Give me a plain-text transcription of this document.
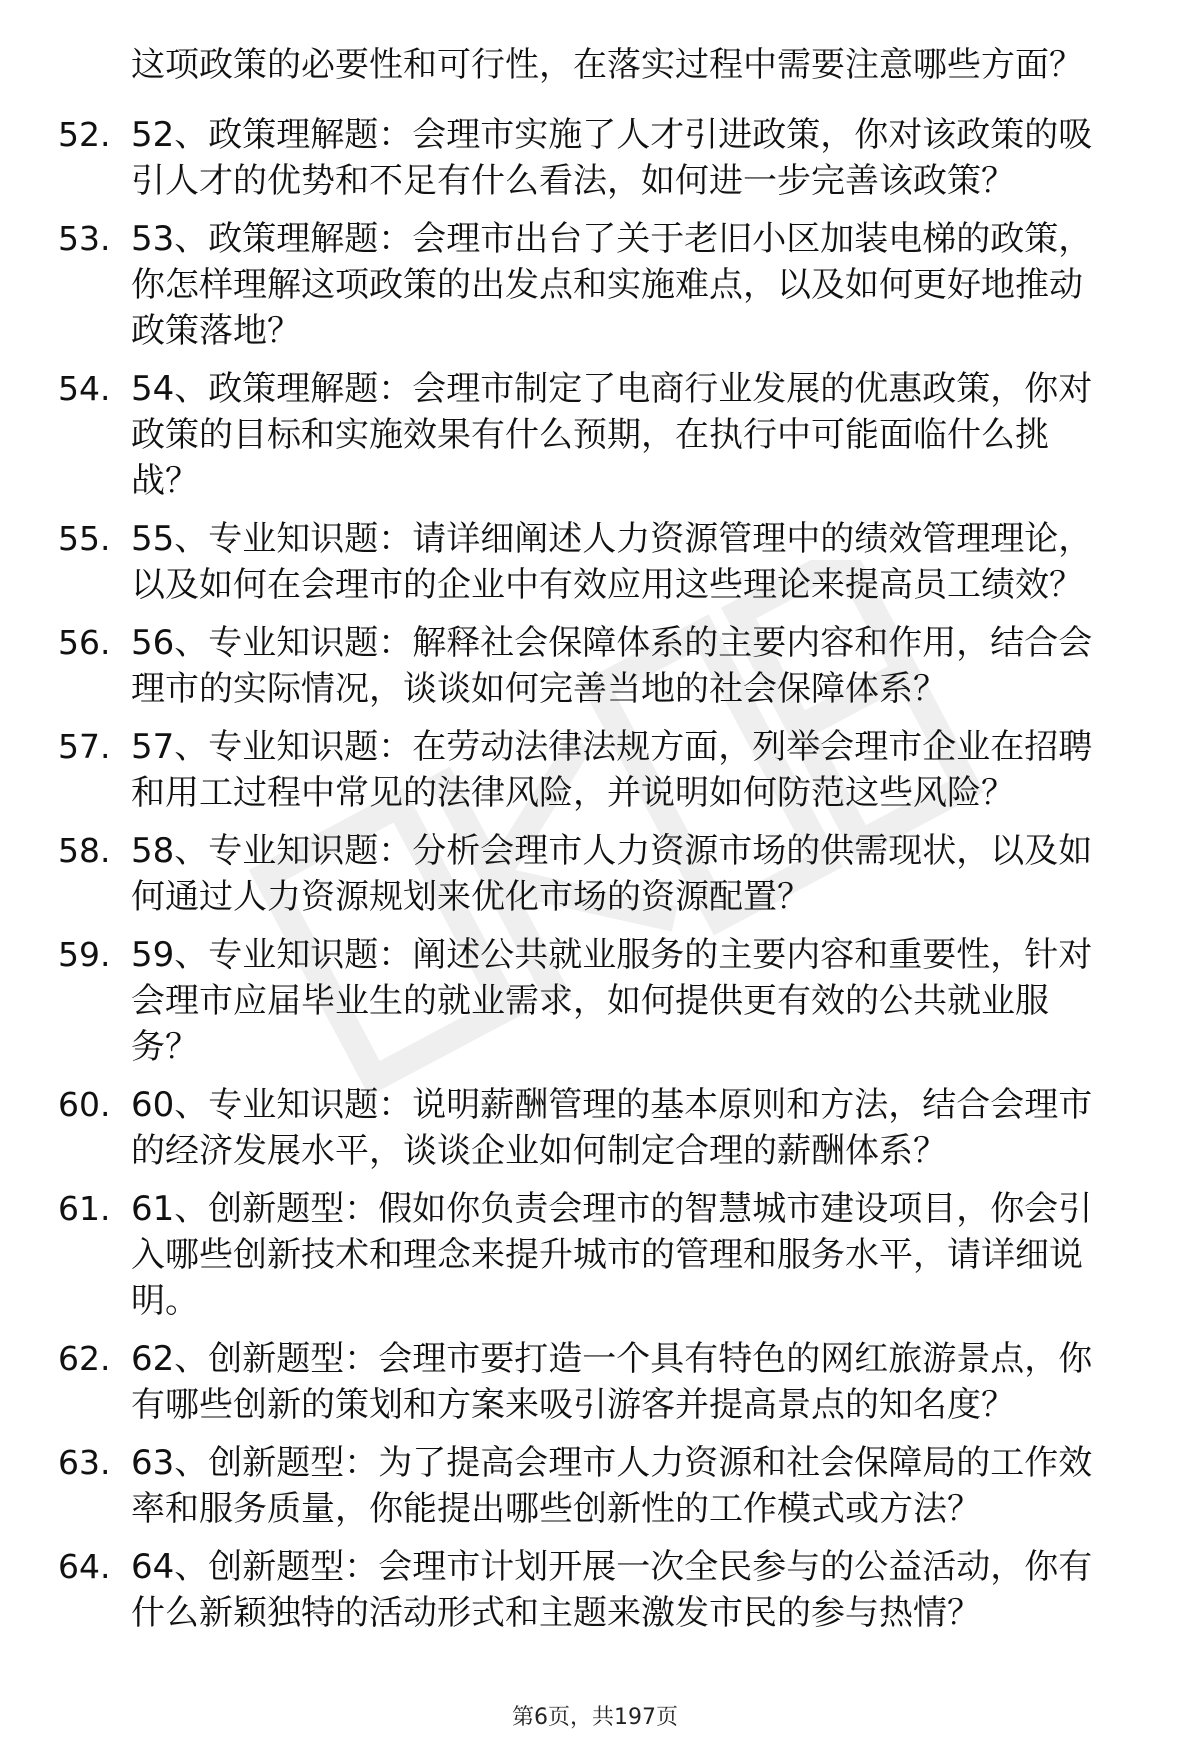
这项政策的必要性和可行性，在落实过程中需要注意哪些方面？
52. 52、政策理解题：会理市实施了人才引进政策，你对该政策的吸
引人才的优势和不足有什么看法，如何进一步完善该政策？
53. 53、政策理解题：会理市出台了关于老旧小区加装电梯的政策，
你怎样理解这项政策的出发点和实施难点，以及如何更好地推动
政策落地？
54. 54、政策理解题：会理市制定了电商行业发展的优惠政策，你对
政策的目标和实施效果有什么预期，在执行中可能面临什么挑
战？
55. 55、专业知识题：请详细阐述人力资源管理中的绩效管理理论，
以及如何在会理市的企业中有效应用这些理论来提高员工绩效？
56. 56、专业知识题：解释社会保障体系的主要内容和作用，结合会
理市的实际情况，谈谈如何完善当地的社会保障体系？
57. 57、专业知识题：在劳动法律法规方面，列举会理市企业在招聘
和用工过程中常见的法律风险，并说明如何防范这些风险？
58. 58、专业知识题：分析会理市人力资源市场的供需现状，以及如
何通过人力资源规划来优化市场的资源配置？
59. 59、专业知识题：阐述公共就业服务的主要内容和重要性，针对
会理市应届毕业生的就业需求，如何提供更有效的公共就业服
务？
60. 60、专业知识题：说明薪酬管理的基本原则和方法，结合会理市
的经济发展水平，谈谈企业如何制定合理的薪酬体系？
61. 61、创新题型：假如你负责会理市的智慧城市建设项目，你会引
入哪些创新技术和理念来提升城市的管理和服务水平，请详细说
明。
62. 62、创新题型：会理市要打造一个具有特色的网红旅游景点，你
有哪些创新的策划和方案来吸引游客并提高景点的知名度？
63. 63、创新题型：为了提高会理市人力资源和社会保障局的工作效
率和服务质量，你能提出哪些创新性的工作模式或方法？
64. 64、创新题型：会理市计划开展一次全民参与的公益活动，你有
什么新颖独特的活动形式和主题来激发市民的参与热情？
第6页，共197页
